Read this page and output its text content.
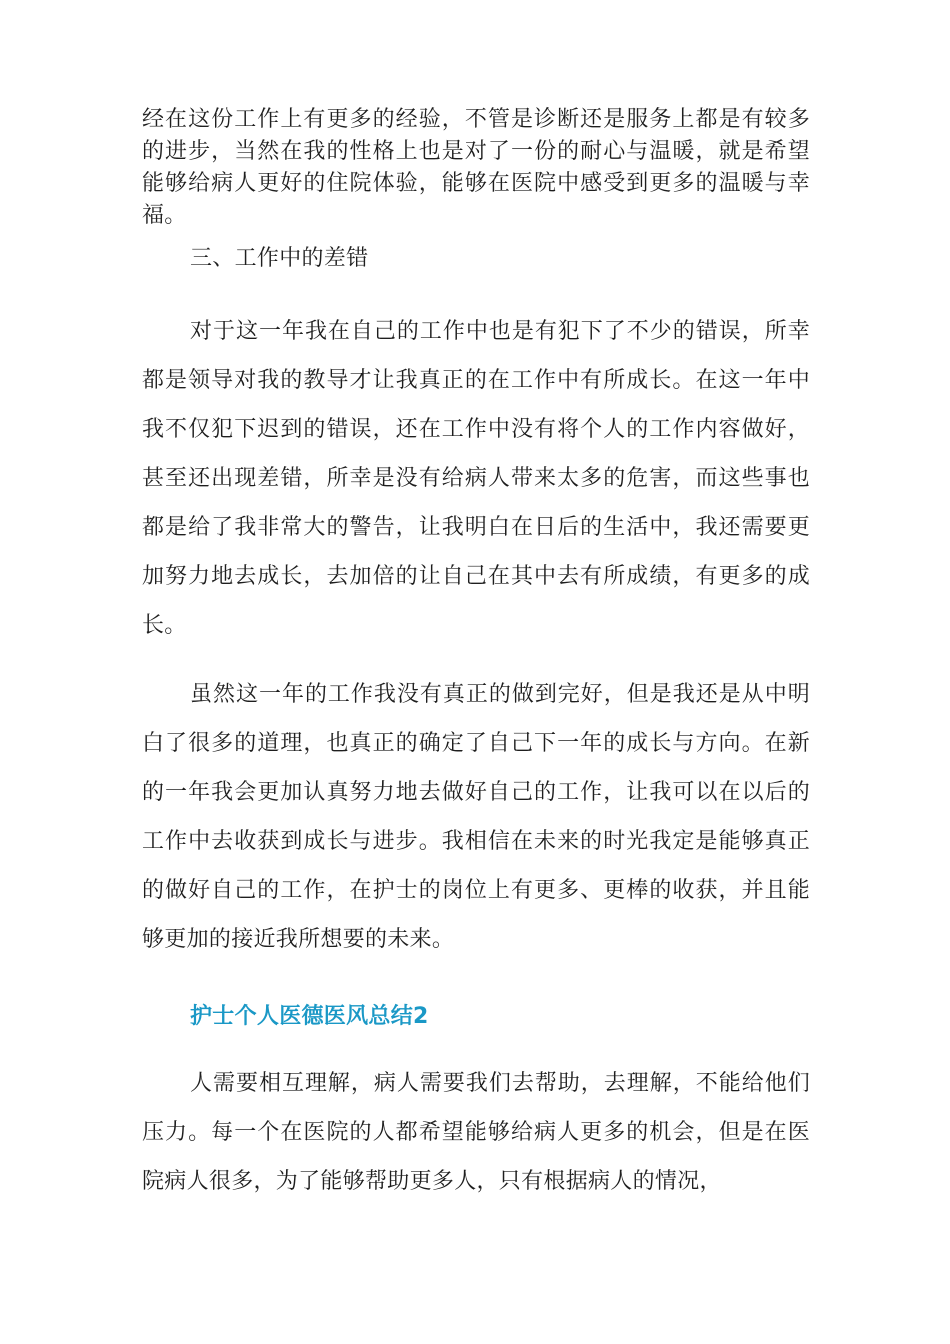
经在这份工作上有更多的经验，不管是诊断还是服务上都是有较多的进步，当然在我的性格上也是对了一份的耐心与温暖，就是希望能够给病人更好的住院体验，能够在医院中感受到更多的温暖与幸福。

三、工作中的差错

对于这一年我在自己的工作中也是有犯下了不少的错误，所幸都是领导对我的教导才让我真正的在工作中有所成长。在这一年中我不仅犯下迟到的错误，还在工作中没有将个人的工作内容做好，甚至还出现差错，所幸是没有给病人带来太多的危害，而这些事也都是给了我非常大的警告，让我明白在日后的生活中，我还需要更加努力地去成长，去加倍的让自己在其中去有所成绩，有更多的成长。

虽然这一年的工作我没有真正的做到完好，但是我还是从中明白了很多的道理，也真正的确定了自己下一年的成长与方向。在新的一年我会更加认真努力地去做好自己的工作，让我可以在以后的工作中去收获到成长与进步。我相信在未来的时光我定是能够真正的做好自己的工作，在护士的岗位上有更多、更棒的收获，并且能够更加的接近我所想要的未来。

护士个人医德医风总结2

人需要相互理解，病人需要我们去帮助，去理解，不能给他们压力。每一个在医院的人都希望能够给病人更多的机会，但是在医院病人很多，为了能够帮助更多人，只有根据病人的情况，
